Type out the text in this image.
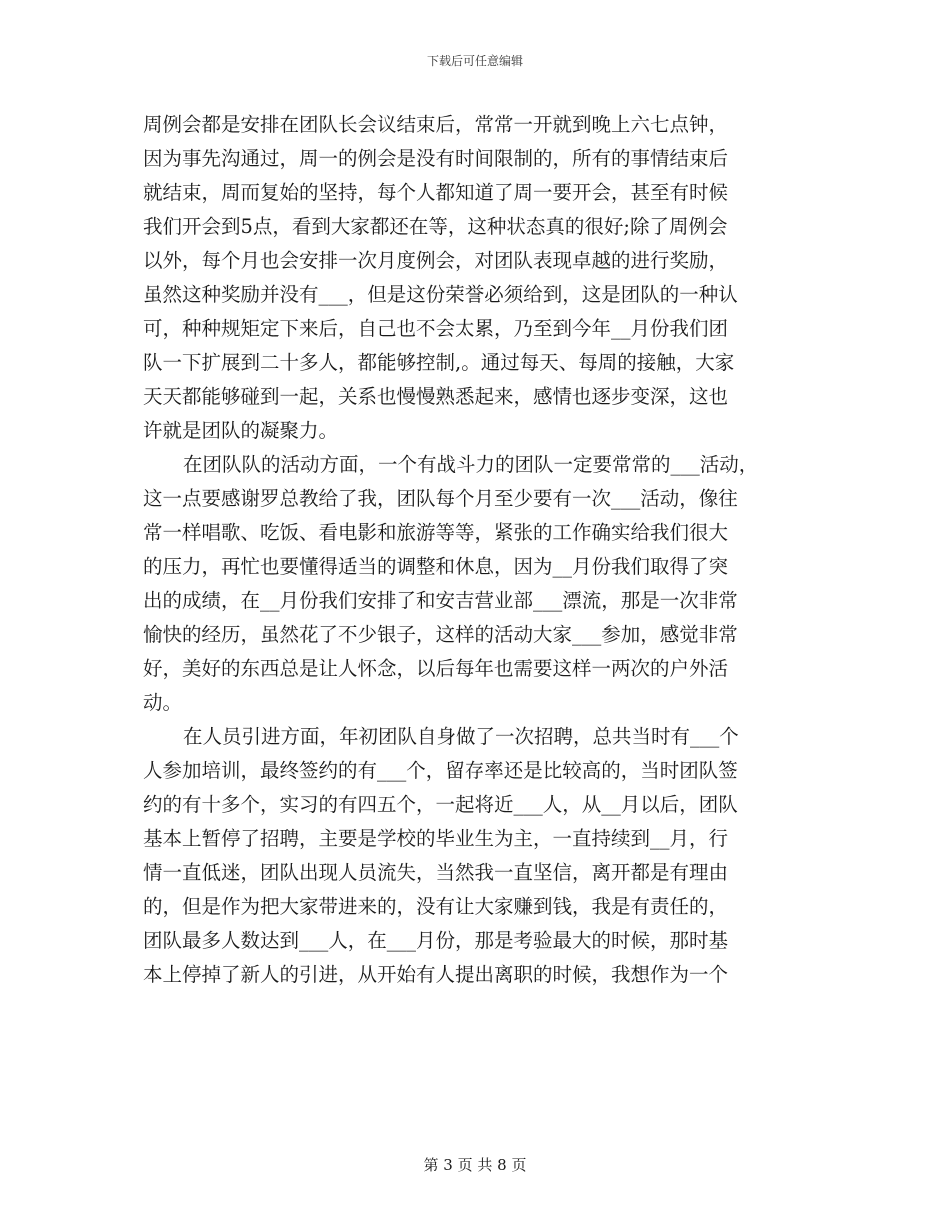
下载后可任意编辑
周例会都是安排在团队长会议结束后，常常一开就到晚上六七点钟，
因为事先沟通过，周一的例会是没有时间限制的，所有的事情结束后
就结束，周而复始的坚持，每个人都知道了周一要开会，甚至有时候
我们开会到5点，看到大家都还在等，这种状态真的很好;除了周例会
以外，每个月也会安排一次月度例会，对团队表现卓越的进行奖励，
虽然这种奖励并没有___，但是这份荣誉必须给到，这是团队的一种认
可，种种规矩定下来后，自己也不会太累，乃至到今年__月份我们团
队一下扩展到二十多人，都能够控制,。通过每天、每周的接触，大家
天天都能够碰到一起，关系也慢慢熟悉起来，感情也逐步变深，这也
许就是团队的凝聚力。
在团队队的活动方面，一个有战斗力的团队一定要常常的___活动，
这一点要感谢罗总教给了我，团队每个月至少要有一次___活动，像往
常一样唱歌、吃饭、看电影和旅游等等，紧张的工作确实给我们很大
的压力，再忙也要懂得适当的调整和休息，因为__月份我们取得了突
出的成绩，在__月份我们安排了和安吉营业部___漂流，那是一次非常
愉快的经历，虽然花了不少银子，这样的活动大家___参加，感觉非常
好，美好的东西总是让人怀念，以后每年也需要这样一两次的户外活
动。
在人员引进方面，年初团队自身做了一次招聘，总共当时有___个
人参加培训，最终签约的有___个，留存率还是比较高的，当时团队签
约的有十多个，实习的有四五个，一起将近___人，从__月以后，团队
基本上暂停了招聘，主要是学校的毕业生为主，一直持续到__月，行
情一直低迷，团队出现人员流失，当然我一直坚信，离开都是有理由
的，但是作为把大家带进来的，没有让大家赚到钱，我是有责任的，
团队最多人数达到___人，在___月份，那是考验最大的时候，那时基
本上停掉了新人的引进，从开始有人提出离职的时候，我想作为一个
第 3 页 共 8 页
